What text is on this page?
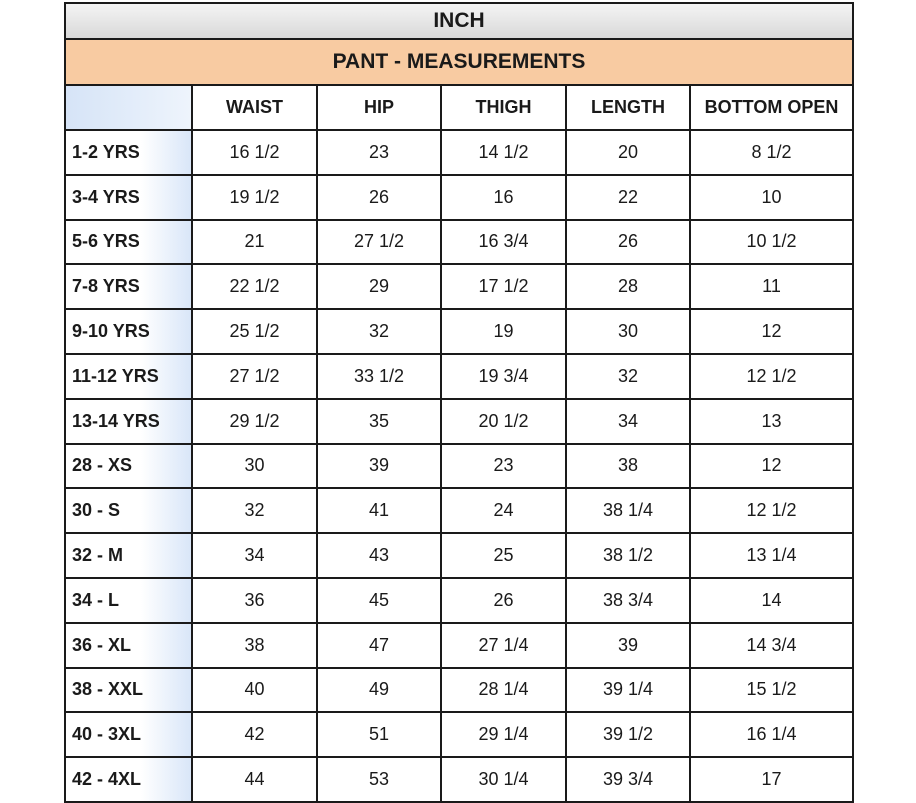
INCH
PANT - MEASUREMENTS
	WAIST	HIP	THIGH	LENGTH	BOTTOM OPEN
1-2 YRS	16 1/2	23	14 1/2	20	8 1/2
3-4 YRS	19 1/2	26	16	22	10
5-6 YRS	21	27 1/2	16 3/4	26	10 1/2
7-8 YRS	22 1/2	29	17 1/2	28	11
9-10 YRS	25 1/2	32	19	30	12
11-12 YRS	27 1/2	33 1/2	19 3/4	32	12 1/2
13-14 YRS	29 1/2	35	20 1/2	34	13
28 - XS	30	39	23	38	12
30 - S	32	41	24	38 1/4	12 1/2
32 - M	34	43	25	38 1/2	13 1/4
34 - L	36	45	26	38 3/4	14
36 - XL	38	47	27 1/4	39	14 3/4
38 - XXL	40	49	28 1/4	39 1/4	15 1/2
40 - 3XL	42	51	29 1/4	39 1/2	16 1/4
42 - 4XL	44	53	30 1/4	39 3/4	17
